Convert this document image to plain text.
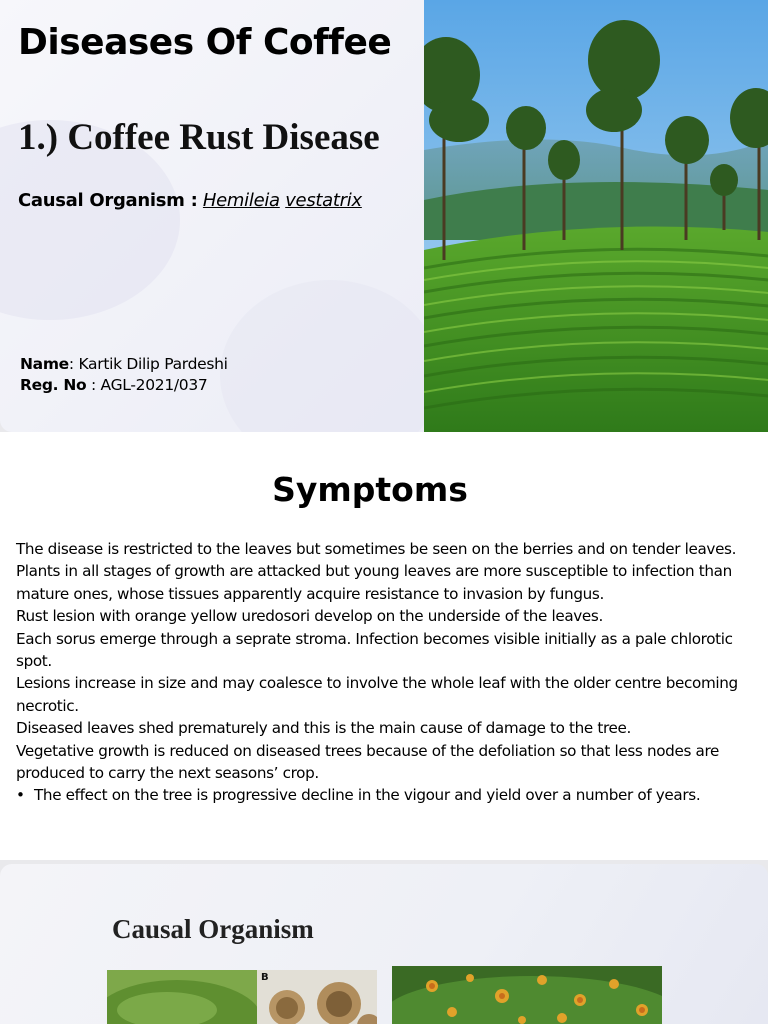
Diseases Of Coffee
1.) Coffee Rust Disease
Causal Organism : Hemileia vestatrix
Name: Kartik Dilip Pardeshi
Reg. No : AGL-2021/037
Symptoms

The disease is restricted to the leaves but sometimes be seen on the berries and on tender leaves.

Plants in all stages of growth are attacked but young leaves are more susceptible to infection than mature ones, whose tissues apparently acquire resistance to invasion by fungus.

Rust lesion with orange yellow uredosori develop on the underside of the leaves.

Each sorus emerge through a seprate stroma. Infection becomes visible initially as a pale chlorotic spot.

Lesions increase in size and may coalesce to involve the whole leaf with the older centre becoming necrotic.

Diseased leaves shed prematurely and this is the main cause of damage to the tree.

Vegetative growth is reduced on diseased trees because of the defoliation so that less nodes are produced to carry the next seasons’ crop.

• The effect on the tree is progressive decline in the vigour and yield over a number of years.

Causal Organism
B
